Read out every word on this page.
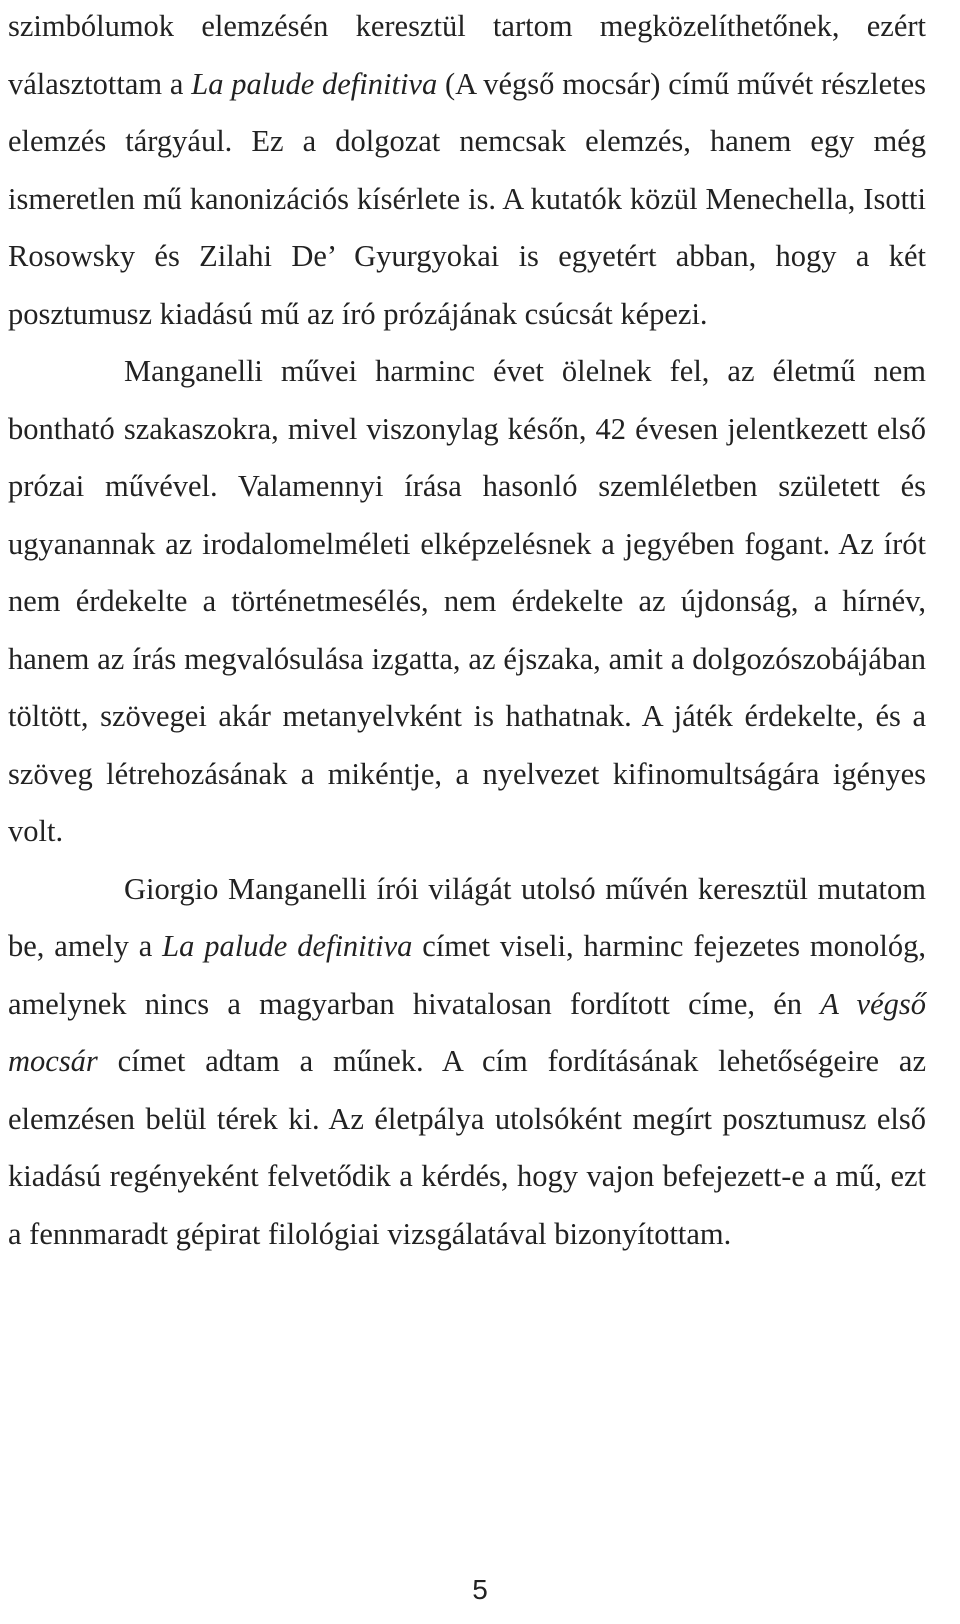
szimbólumok elemzésén keresztül tartom megközelíthetőnek, ezért választottam a La palude definitiva (A végső mocsár) című művét részletes elemzés tárgyául. Ez a dolgozat nemcsak elemzés, hanem egy még ismeretlen mű kanonizációs kísérlete is. A kutatók közül Menechella, Isotti Rosowsky és Zilahi De’ Gyurgyokai is egyetért abban, hogy a két posztumusz kiadású mű az író prózájának csúcsát képezi.

Manganelli művei harminc évet ölelnek fel, az életmű nem bontható szakaszokra, mivel viszonylag későn, 42 évesen jelentkezett első prózai művével. Valamennyi írása hasonló szemléletben született és ugyanannak az irodalomelméleti elképzelésnek a jegyében fogant. Az írót nem érdekelte a történetmesélés, nem érdekelte az újdonság, a hírnév, hanem az írás megvalósulása izgatta, az éjszaka, amit a dolgozószobájában töltött, szövegei akár metanyelvként is hathatnak. A játék érdekelte, és a szöveg létrehozásának a mikéntje, a nyelvezet kifinomultságára igényes volt.

Giorgio Manganelli írói világát utolsó művén keresztül mutatom be, amely a La palude definitiva címet viseli, harminc fejezetes monológ, amelynek nincs a magyarban hivatalosan fordított címe, én A végső mocsár címet adtam a műnek. A cím fordításának lehetőségeire az elemzésen belül térek ki. Az életpálya utolsóként megírt posztumusz első kiadású regényeként felvetődik a kérdés, hogy vajon befejezett-e a mű, ezt a fennmaradt gépirat filológiai vizsgálatával bizonyítottam.

5
